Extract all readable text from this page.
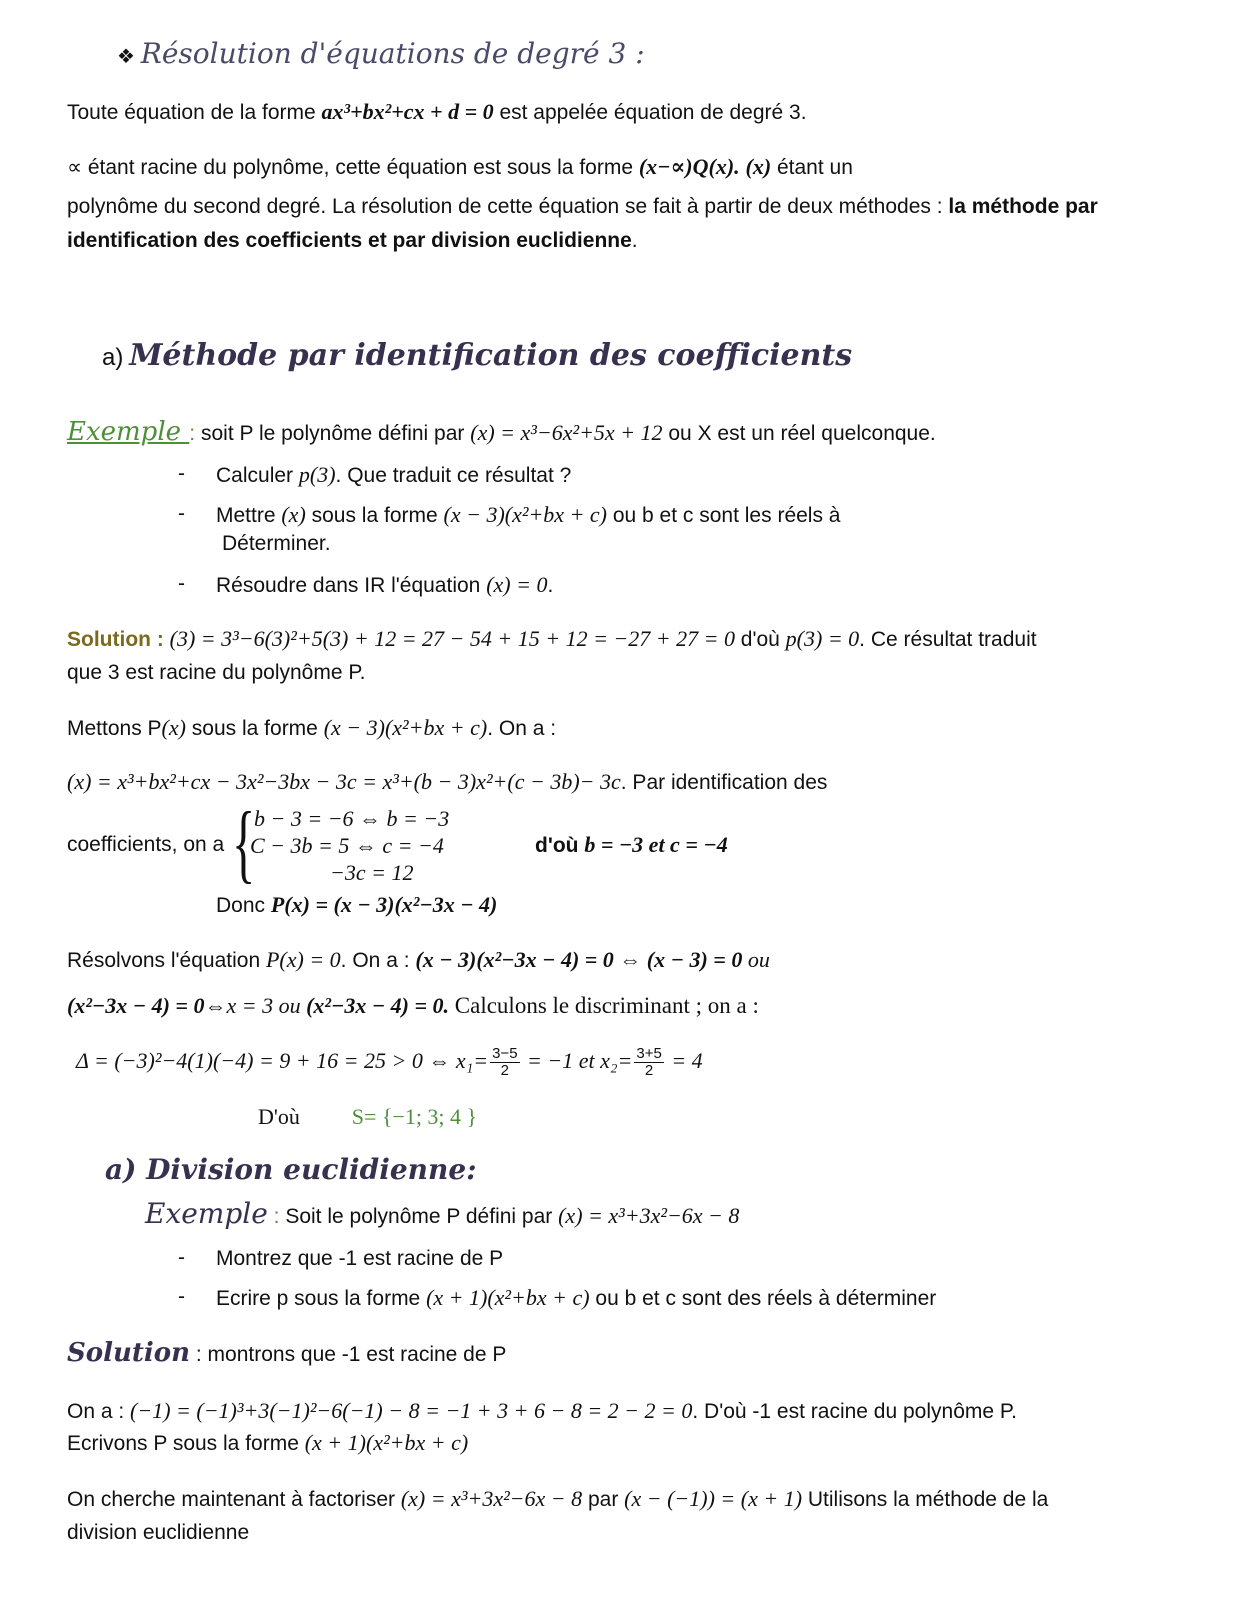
❖ Résolution d'équations de degré 3 :
Toute équation de la forme ax³+bx²+cx + d = 0 est appelée équation de degré 3.
∝ étant racine du polynôme, cette équation est sous la forme (x−∝)Q(x). (x) étant un
polynôme du second degré. La résolution de cette équation se fait à partir de deux méthodes : la méthode par
identification des coefficients et par division euclidienne.
a) Méthode par identification des coefficients
Exemple : soit P le polynôme défini par (x) = x³−6x²+5x + 12 ou X est un réel quelconque.
- Calculer p(3). Que traduit ce résultat ?
- Mettre (x) sous la forme (x − 3)(x²+bx + c) ou b et c sont les réels à
Déterminer.
- Résoudre dans IR l'équation (x) = 0.
Solution : (3) = 3³−6(3)²+5(3) + 12 = 27 − 54 + 15 + 12 = −27 + 27 = 0 d'où p(3) = 0. Ce résultat traduit
que 3 est racine du polynôme P.
Mettons P(x) sous la forme (x − 3)(x²+bx + c). On a :
(x) = x³+bx²+cx − 3x²−3bx − 3c = x³+(b − 3)x²+(c − 3b)− 3c. Par identification des
coefficients, on a {
b − 3 = −6 ⇔ b = −3
C − 3b = 5 ⇔ c = −4
−3c = 12
d'où b = −3 et c = −4
Donc P(x) = (x − 3)(x²−3x − 4)
Résolvons l'équation P(x) = 0. On a : (x − 3)(x²−3x − 4) = 0 ⇔ (x − 3) = 0 ou
(x²−3x − 4) = 0⇔x = 3 ou (x²−3x − 4) = 0. Calculons le discriminant ; on a :
Δ = (−3)²−4(1)(−4) = 9 + 16 = 25 > 0 ⇔ $x_1= \frac{3-5}{2} = -1$ et $x_2= \frac{3+5}{2} = 4$
D'où S= {−1; 3; 4 }
a) Division euclidienne:
Exemple : Soit le polynôme P défini par (x) = x³+3x²−6x − 8
- Montrez que -1 est racine de P
- Ecrire p sous la forme (x + 1)(x²+bx + c) ou b et c sont des réels à déterminer
Solution : montrons que -1 est racine de P
On a : (−1) = (−1)³+3(−1)²−6(−1) − 8 = −1 + 3 + 6 − 8 = 2 − 2 = 0. D'où -1 est racine du polynôme P.
Ecrivons P sous la forme (x + 1)(x²+bx + c)
On cherche maintenant à factoriser (x) = x³+3x²−6x − 8 par (x − (−1)) = (x + 1) Utilisons la méthode de la
division euclidienne
